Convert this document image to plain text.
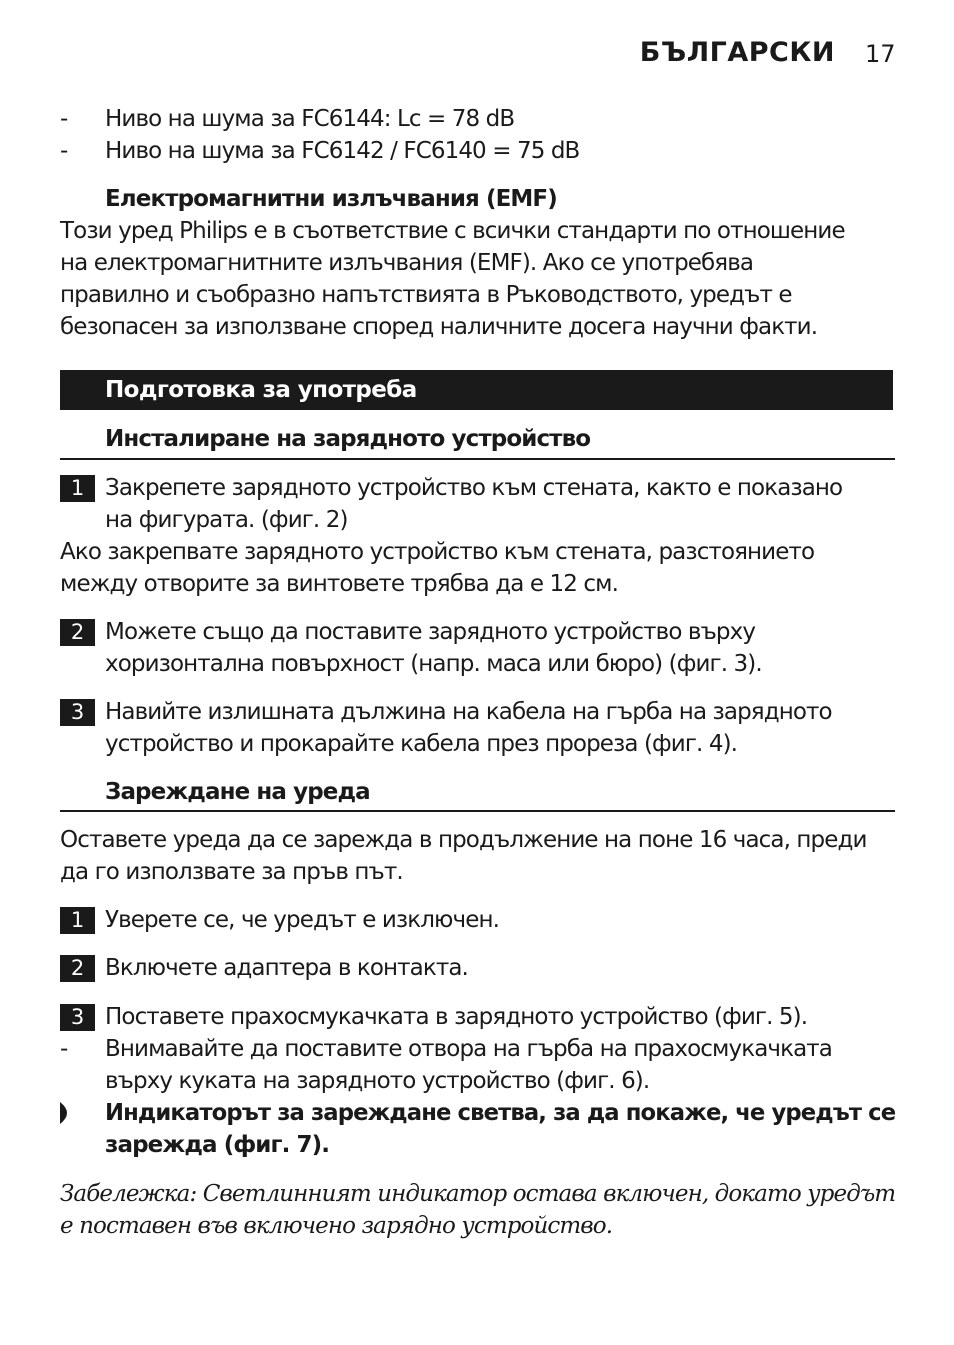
БЪЛГАРСКИ 17
- Ниво на шума за FC6144: Lc = 78 dB
- Ниво на шума за FC6142 / FC6140 = 75 dB
Електромагнитни излъчвания (EMF)
Този уред Philips е в съответствие с всички стандарти по отношение
на електромагнитните излъчвания (EMF). Ако се употребява
правилно и съобразно напътствията в Ръководството, уредът е
безопасен за използване според наличните досега научни факти.
Подготовка за употреба
Инсталиране на зарядното устройство
1 Закрепете зарядното устройство към стената, както е показано
на фигурата. (фиг. 2)
Ако закрепвате зарядното устройство към стената, разстоянието
между отворите за винтовете трябва да е 12 см.
2 Можете също да поставите зарядното устройство върху
хоризонтална повърхност (напр. маса или бюро) (фиг. 3).
3 Навийте излишната дължина на кабела на гърба на зарядното
устройство и прокарайте кабела през прореза (фиг. 4).
Зареждане на уреда
Оставете уреда да се зарежда в продължение на поне 16 часа, преди
да го използвате за пръв път.
1 Уверете се, че уредът е изключен.
2 Включете адаптера в контакта.
3 Поставете прахосмукачката в зарядното устройство (фиг. 5).
- Внимавайте да поставите отвора на гърба на прахосмукачката
върху куката на зарядното устройство (фиг. 6).
Индикаторът за зареждане светва, за да покаже, че уредът се
зарежда (фиг. 7).
Забележка: Светлинният индикатор остава включен, докато уредът
е поставен във включено зарядно устройство.
